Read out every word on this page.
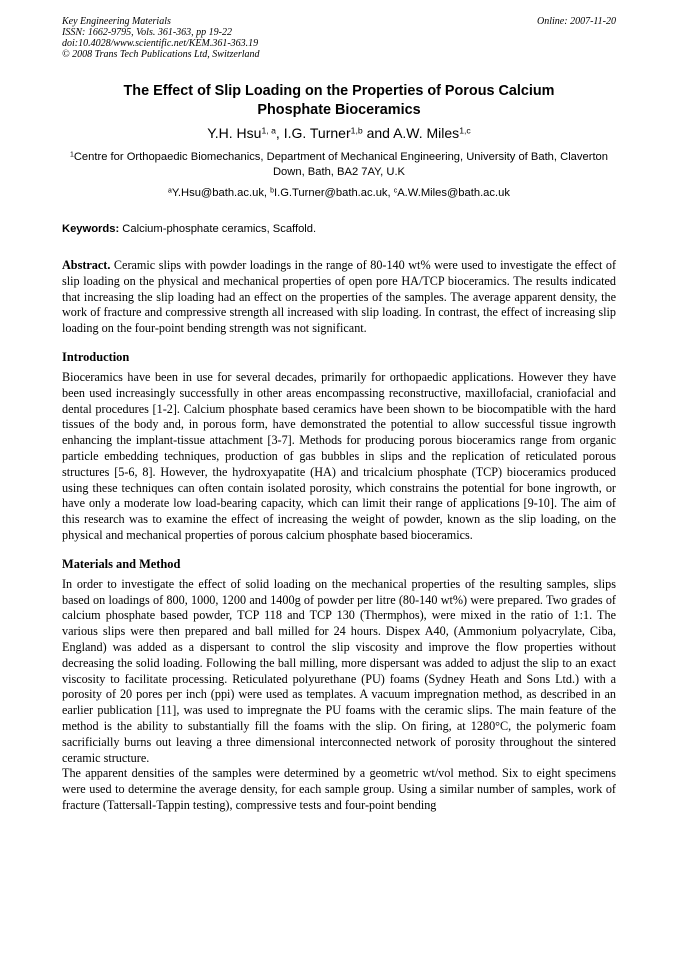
Key Engineering Materials
ISSN: 1662-9795, Vols. 361-363, pp 19-22
doi:10.4028/www.scientific.net/KEM.361-363.19
© 2008 Trans Tech Publications Ltd, Switzerland
Online: 2007-11-20
The Effect of Slip Loading on the Properties of Porous Calcium
Phosphate Bioceramics
Y.H. Hsu$^{1, a}$, I.G. Turner$^{1,b}$ and A.W. Miles$^{1,c}$
$^1$Centre for Orthopaedic Biomechanics, Department of Mechanical Engineering, University of Bath, Claverton Down, Bath, BA2 7AY, U.K
$^a$Y.Hsu@bath.ac.uk, $^b$I.G.Turner@bath.ac.uk, $^c$A.W.Miles@bath.ac.uk
Keywords: Calcium-phosphate ceramics, Scaffold.

Abstract. Ceramic slips with powder loadings in the range of 80-140 wt% were used to investigate the effect of slip loading on the physical and mechanical properties of open pore HA/TCP bioceramics. The results indicated that increasing the slip loading had an effect on the properties of the samples. The average apparent density, the work of fracture and compressive strength all increased with slip loading. In contrast, the effect of increasing slip loading on the four-point bending strength was not significant.

Introduction

Bioceramics have been in use for several decades, primarily for orthopaedic applications. However they have been used increasingly successfully in other areas encompassing reconstructive, maxillofacial, craniofacial and dental procedures [1-2]. Calcium phosphate based ceramics have been shown to be biocompatible with the hard tissues of the body and, in porous form, have demonstrated the potential to allow successful tissue ingrowth enhancing the implant-tissue attachment [3-7]. Methods for producing porous bioceramics range from organic particle embedding techniques, production of gas bubbles in slips and the replication of reticulated porous structures [5-6, 8]. However, the hydroxyapatite (HA) and tricalcium phosphate (TCP) bioceramics produced using these techniques can often contain isolated porosity, which constrains the potential for bone ingrowth, or have only a moderate low load-bearing capacity, which can limit their range of applications [9-10]. The aim of this research was to examine the effect of increasing the weight of powder, known as the slip loading, on the physical and mechanical properties of porous calcium phosphate based bioceramics.

Materials and Method

In order to investigate the effect of solid loading on the mechanical properties of the resulting samples, slips based on loadings of 800, 1000, 1200 and 1400g of powder per litre (80-140 wt%) were prepared. Two grades of calcium phosphate based powder, TCP 118 and TCP 130 (Thermphos), were mixed in the ratio of 1:1. The various slips were then prepared and ball milled for 24 hours. Dispex A40, (Ammonium polyacrylate, Ciba, England) was added as a dispersant to control the slip viscosity and improve the flow properties without decreasing the solid loading. Following the ball milling, more dispersant was added to adjust the slip to an exact viscosity to facilitate processing. Reticulated polyurethane (PU) foams (Sydney Heath and Sons Ltd.) with a porosity of 20 pores per inch (ppi) were used as templates. A vacuum impregnation method, as described in an earlier publication [11], was used to impregnate the PU foams with the ceramic slips. The main feature of the method is the ability to substantially fill the foams with the slip. On firing, at 1280°C, the polymeric foam sacrificially burns out leaving a three dimensional interconnected network of porosity throughout the sintered ceramic structure.

The apparent densities of the samples were determined by a geometric wt/vol method. Six to eight specimens were used to determine the average density, for each sample group. Using a similar number of samples, work of fracture (Tattersall-Tappin testing), compressive tests and four-point bending
